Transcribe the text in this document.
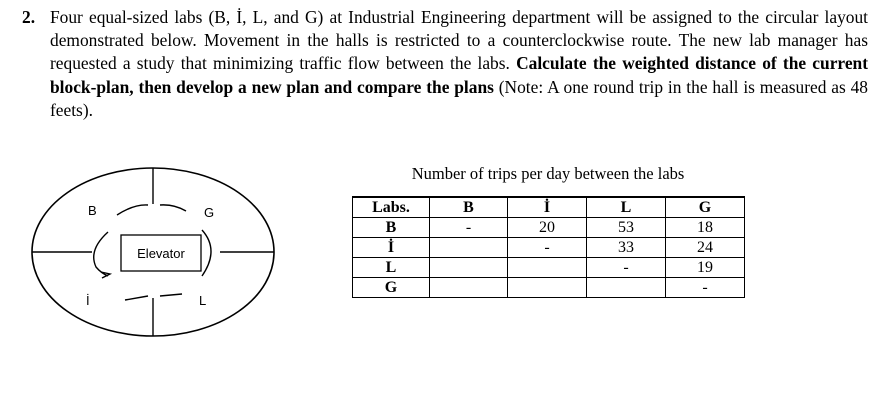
2. Four equal-sized labs (B, İ, L, and G) at Industrial Engineering department will be assigned to the circular layout demonstrated below. Movement in the halls is restricted to a counterclockwise route. The new lab manager has requested a study that minimizing traffic flow between the labs. Calculate the weighted distance of the current block-plan, then develop a new plan and compare the plans (Note: A one round trip in the hall is measured as 48 feets).
B	G
İ	L
Elevator
Number of trips per day between the labs
Labs.	B	İ	L	G
B	-	20	53	18
İ		-	33	24
L			-	19
G				-
